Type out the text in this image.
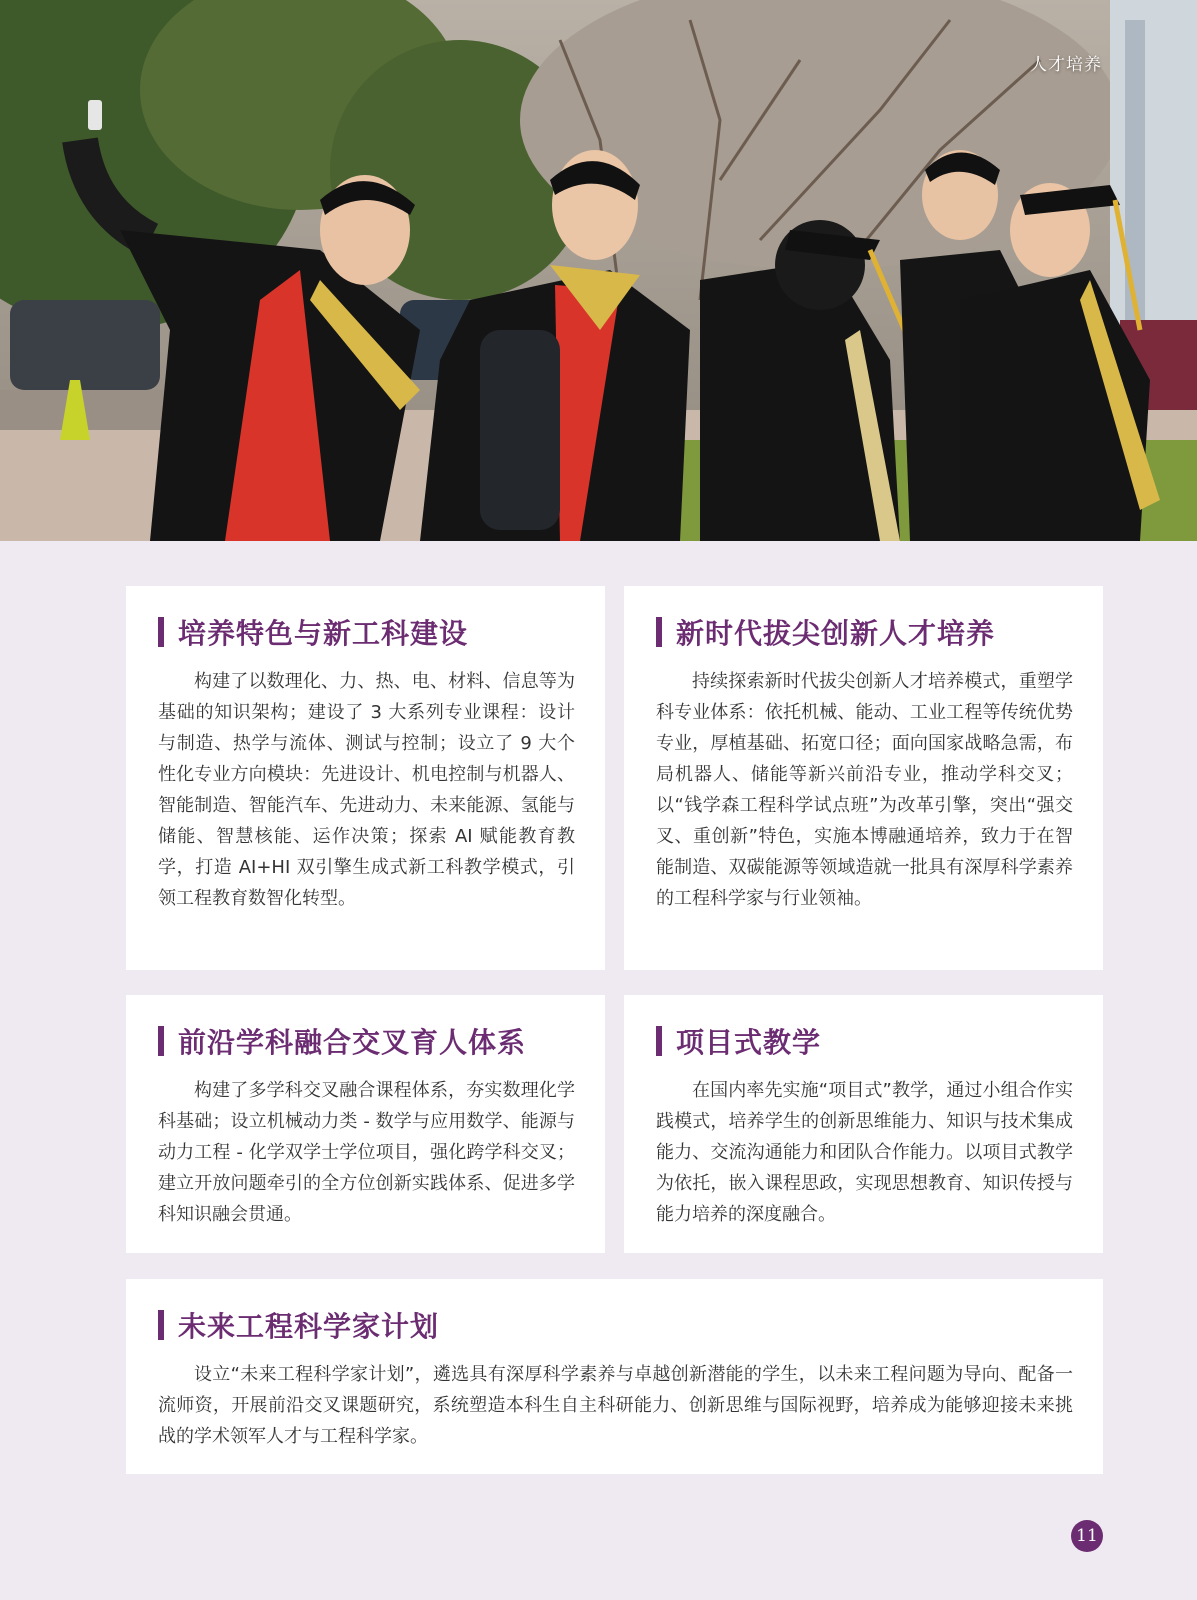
人才培养
培养特色与新工科建设

构建了以数理化、力、热、电、材料、信息等为基础的知识架构；建设了 3 大系列专业课程：设计与制造、热学与流体、测试与控制；设立了 9 大个性化专业方向模块：先进设计、机电控制与机器人、智能制造、智能汽车、先进动力、未来能源、氢能与储能、智慧核能、运作决策；探索 AI 赋能教育教学，打造 AI+HI 双引擎生成式新工科教学模式，引领工程教育数智化转型。

新时代拔尖创新人才培养

持续探索新时代拔尖创新人才培养模式，重塑学科专业体系：依托机械、能动、工业工程等传统优势专业，厚植基础、拓宽口径；面向国家战略急需，布局机器人、储能等新兴前沿专业，推动学科交叉；以“钱学森工程科学试点班”为改革引擎，突出“强交叉、重创新”特色，实施本博融通培养，致力于在智能制造、双碳能源等领域造就一批具有深厚科学素养的工程科学家与行业领袖。

前沿学科融合交叉育人体系

构建了多学科交叉融合课程体系，夯实数理化学科基础；设立机械动力类 - 数学与应用数学、能源与动力工程 - 化学双学士学位项目，强化跨学科交叉；建立开放问题牵引的全方位创新实践体系、促进多学科知识融会贯通。

项目式教学

在国内率先实施“项目式”教学，通过小组合作实践模式，培养学生的创新思维能力、知识与技术集成能力、交流沟通能力和团队合作能力。以项目式教学为依托，嵌入课程思政，实现思想教育、知识传授与能力培养的深度融合。

未来工程科学家计划

设立“未来工程科学家计划”，遴选具有深厚科学素养与卓越创新潜能的学生，以未来工程问题为导向、配备一流师资，开展前沿交叉课题研究，系统塑造本科生自主科研能力、创新思维与国际视野，培养成为能够迎接未来挑战的学术领军人才与工程科学家。

11
